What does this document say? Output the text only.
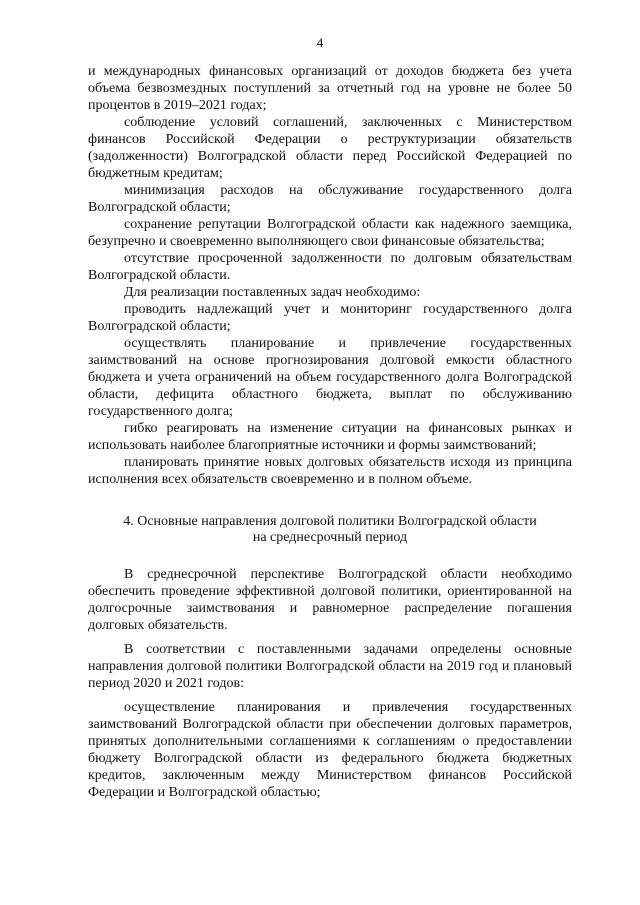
4

и международных финансовых организаций от доходов бюджета без учета объема безвозмездных поступлений за отчетный год на уровне не более 50 процентов в 2019–2021 годах;

соблюдение условий соглашений, заключенных с Министерством финансов Российской Федерации о реструктуризации обязательств (задолженности) Волгоградской области перед Российской Федерацией по бюджетным кредитам;

минимизация расходов на обслуживание государственного долга Волгоградской области;

сохранение репутации Волгоградской области как надежного заемщика, безупречно и своевременно выполняющего свои финансовые обязательства;

отсутствие просроченной задолженности по долговым обязательствам Волгоградской области.

Для реализации поставленных задач необходимо:

проводить надлежащий учет и мониторинг государственного долга Волгоградской области;

осуществлять планирование и привлечение государственных заимствований на основе прогнозирования долговой емкости областного бюджета и учета ограничений на объем государственного долга Волгоградской области, дефицита областного бюджета, выплат по обслуживанию государственного долга;

гибко реагировать на изменение ситуации на финансовых рынках и использовать наиболее благоприятные источники и формы заимствований;

планировать принятие новых долговых обязательств исходя из принципа исполнения всех обязательств своевременно и в полном объеме.

4. Основные направления долговой политики Волгоградской области
на среднесрочный период

В среднесрочной перспективе Волгоградской области необходимо обеспечить проведение эффективной долговой политики, ориентированной на долгосрочные заимствования и равномерное распределение погашения долговых обязательств.

В соответствии с поставленными задачами определены основные направления долговой политики Волгоградской области на 2019 год и плановый период 2020 и 2021 годов:

осуществление планирования и привлечения государственных заимствований Волгоградской области при обеспечении долговых параметров, принятых дополнительными соглашениями к соглашениям о предоставлении бюджету Волгоградской области из федерального бюджета бюджетных кредитов, заключенным между Министерством финансов Российской Федерации и Волгоградской областью;
